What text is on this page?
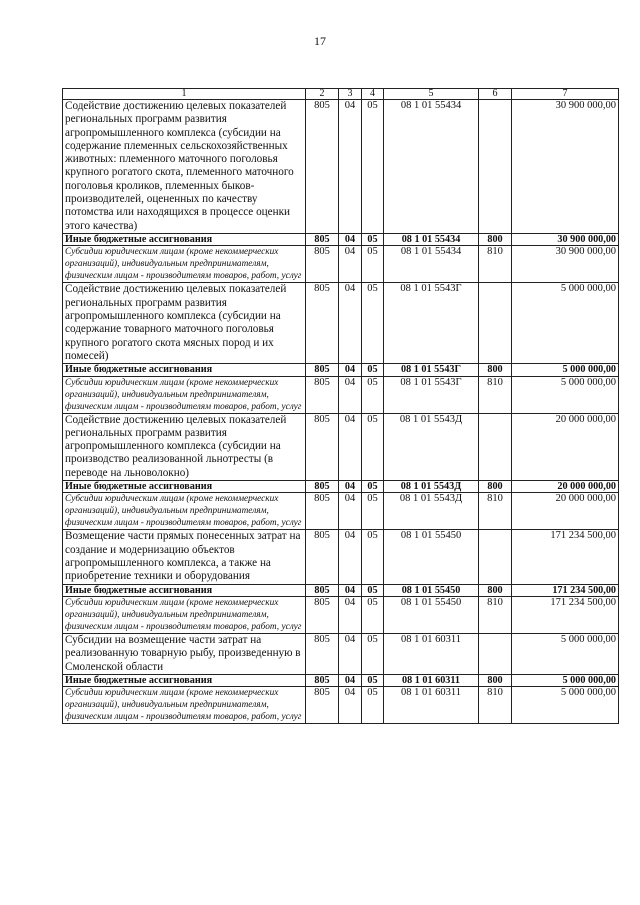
17
1	2	3	4	5	6	7
Содействие достижению целевых показателей региональных программ развития агропромышленного комплекса (субсидии на содержание племенных сельскохозяйственных животных: племенного маточного поголовья крупного рогатого скота, племенного маточного поголовья кроликов, племенных быков-производителей, оцененных по качеству потомства или находящихся в процессе оценки этого качества)	805	04	05	08 1 01 55434		30 900 000,00
Иные бюджетные ассигнования	805	04	05	08 1 01 55434	800	30 900 000,00
Субсидии юридическим лицам (кроме некоммерческих организаций), индивидуальным предпринимателям, физическим лицам - производителям товаров, работ, услуг	805	04	05	08 1 01 55434	810	30 900 000,00
Содействие достижению целевых показателей региональных программ развития агропромышленного комплекса (субсидии на содержание товарного маточного поголовья крупного рогатого скота мясных пород и их помесей)	805	04	05	08 1 01 5543Г		5 000 000,00
Иные бюджетные ассигнования	805	04	05	08 1 01 5543Г	800	5 000 000,00
Субсидии юридическим лицам (кроме некоммерческих организаций), индивидуальным предпринимателям, физическим лицам - производителям товаров, работ, услуг	805	04	05	08 1 01 5543Г	810	5 000 000,00
Содействие достижению целевых показателей региональных программ развития агропромышленного комплекса (субсидии на производство реализованной льнотресты (в переводе на льноволокно)	805	04	05	08 1 01 5543Д		20 000 000,00
Иные бюджетные ассигнования	805	04	05	08 1 01 5543Д	800	20 000 000,00
Субсидии юридическим лицам (кроме некоммерческих организаций), индивидуальным предпринимателям, физическим лицам - производителям товаров, работ, услуг	805	04	05	08 1 01 5543Д	810	20 000 000,00
Возмещение части прямых понесенных затрат на создание и модернизацию объектов агропромышленного комплекса, а также на приобретение техники и оборудования	805	04	05	08 1 01 55450		171 234 500,00
Иные бюджетные ассигнования	805	04	05	08 1 01 55450	800	171 234 500,00
Субсидии юридическим лицам (кроме некоммерческих организаций), индивидуальным предпринимателям, физическим лицам - производителям товаров, работ, услуг	805	04	05	08 1 01 55450	810	171 234 500,00
Субсидии на возмещение части затрат на реализованную товарную рыбу, произведенную в Смоленской области	805	04	05	08 1 01 60311		5 000 000,00
Иные бюджетные ассигнования	805	04	05	08 1 01 60311	800	5 000 000,00
Субсидии юридическим лицам (кроме некоммерческих организаций), индивидуальным предпринимателям, физическим лицам - производителям товаров, работ, услуг	805	04	05	08 1 01 60311	810	5 000 000,00
